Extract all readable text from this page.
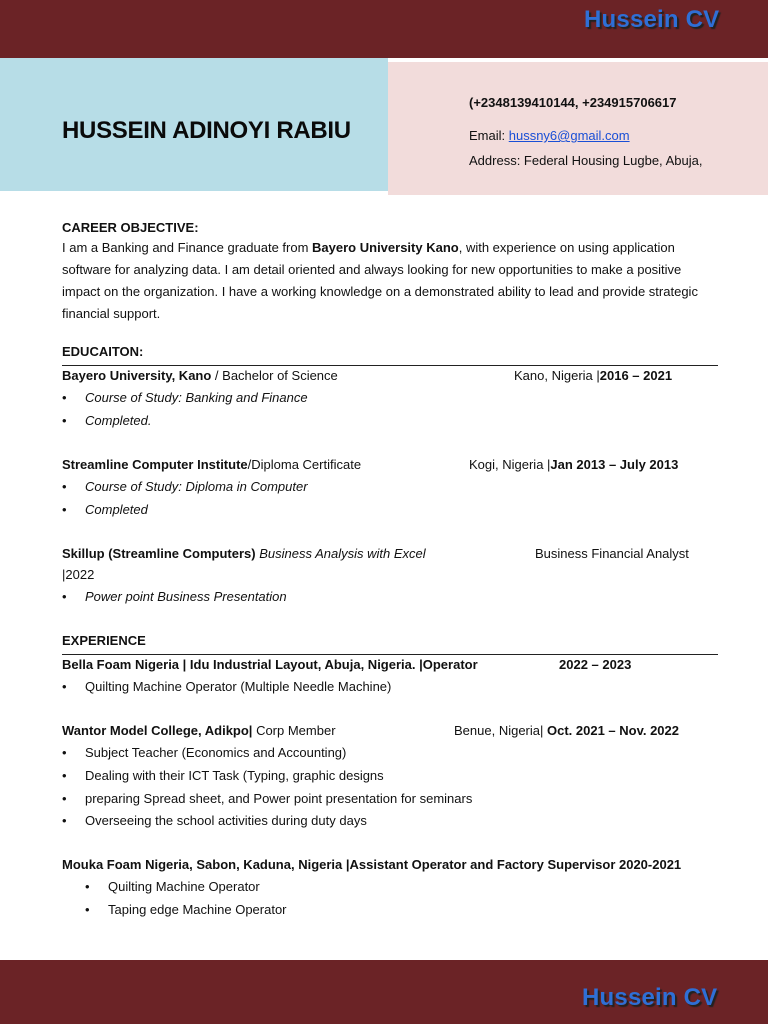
Hussein CV
Hussein CV
HUSSEIN ADINOYI RABIU
(+2348139410144, +234915706617
Email: hussny6@gmail.com
Address: Federal Housing Lugbe, Abuja,
CAREER OBJECTIVE:
I am a Banking and Finance graduate from Bayero University Kano, with experience on using application software for analyzing data. I am detail oriented and always looking for new opportunities to make a positive impact on the organization. I have a working knowledge on a demonstrated ability to lead and provide strategic financial support.
EDUCAITON:
Bayero University, Kano / Bachelor of Science	Kano, Nigeria |2016 – 2021
• Course of Study: Banking and Finance
• Completed.
Streamline Computer Institute/Diploma Certificate	Kogi, Nigeria |Jan 2013 – July 2013
• Course of Study: Diploma in Computer
• Completed
Skillup (Streamline Computers) Business Analysis with Excel	Business Financial Analyst
|2022
• Power point Business Presentation
EXPERIENCE
Bella Foam Nigeria | Idu Industrial Layout, Abuja, Nigeria. |Operator	2022 – 2023
• Quilting Machine Operator (Multiple Needle Machine)
Wantor Model College, Adikpo| Corp Member	Benue, Nigeria| Oct. 2021 – Nov. 2022
• Subject Teacher (Economics and Accounting)
• Dealing with their ICT Task (Typing, graphic designs
• preparing Spread sheet, and Power point presentation for seminars
• Overseeing the school activities during duty days
Mouka Foam Nigeria, Sabon, Kaduna, Nigeria |Assistant Operator and Factory Supervisor 2020-2021
• Quilting Machine Operator
• Taping edge Machine Operator
